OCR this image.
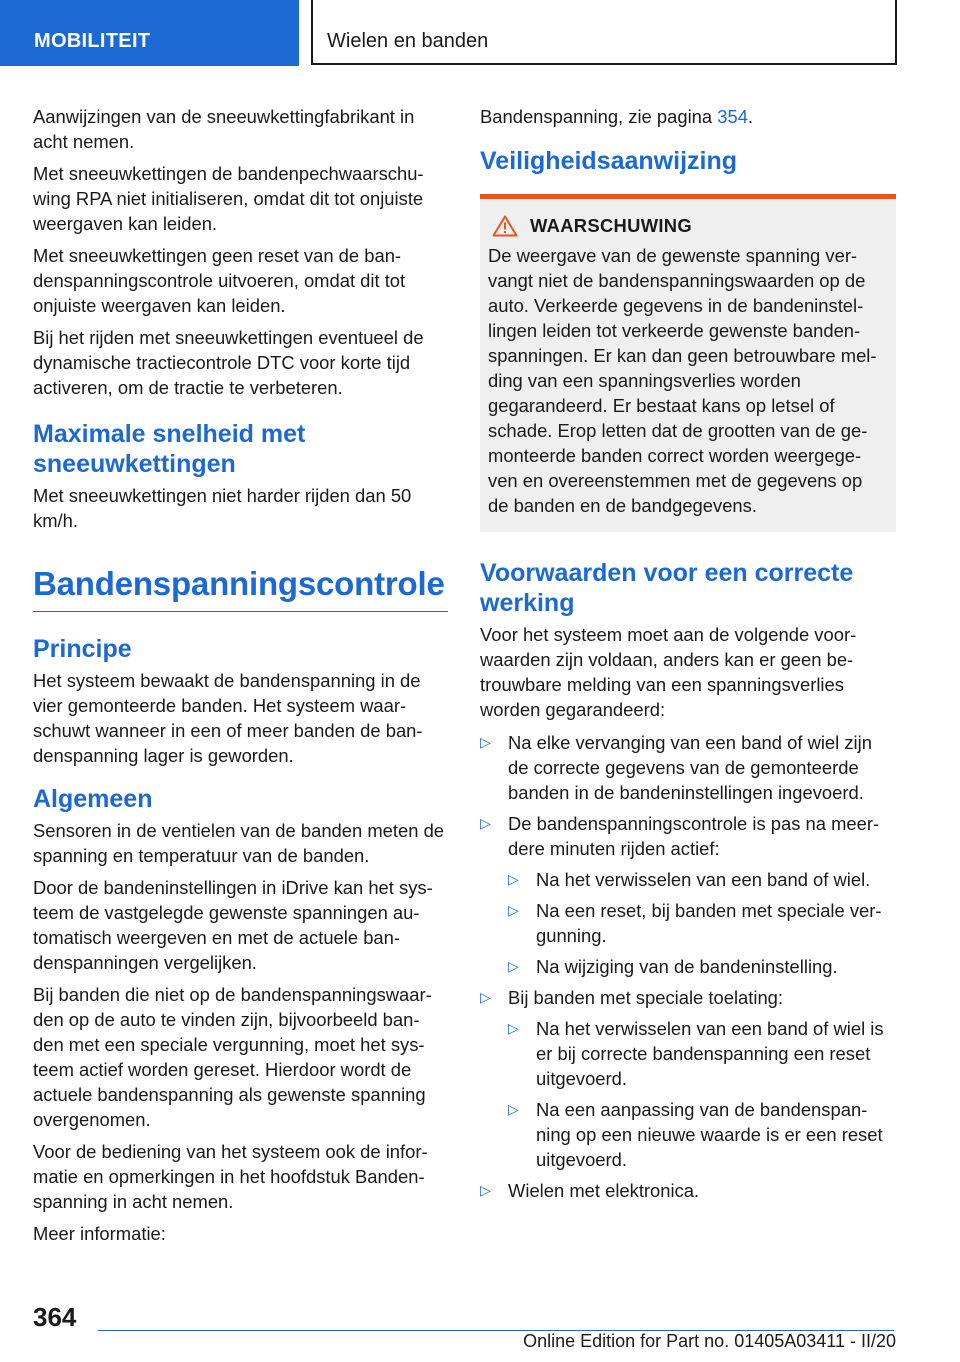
MOBILITEIT	Wielen en banden

Aanwijzingen van de sneeuwkettingfabrikant in acht nemen.

Met sneeuwkettingen de bandenpechwaarschu- wing RPA niet initialiseren, omdat dit tot onjuiste weergaven kan leiden.

Met sneeuwkettingen geen reset van de ban- denspanningscontrole uitvoeren, omdat dit tot onjuiste weergaven kan leiden.

Bij het rijden met sneeuwkettingen eventueel de dynamische tractiecontrole DTC voor korte tijd activeren, om de tractie te verbeteren.

Maximale snelheid met sneeuwkettingen

Met sneeuwkettingen niet harder rijden dan 50 km/h.

Bandenspanningscontrole
Principe

Het systeem bewaakt de bandenspanning in de vier gemonteerde banden. Het systeem waar- schuwt wanneer in een of meer banden de ban- denspanning lager is geworden.

Algemeen

Sensoren in de ventielen van de banden meten de spanning en temperatuur van de banden.

Door de bandeninstellingen in iDrive kan het sys- teem de vastgelegde gewenste spanningen au- tomatisch weergeven en met de actuele ban- denspanningen vergelijken.

Bij banden die niet op de bandenspanningswaar- den op de auto te vinden zijn, bijvoorbeeld ban- den met een speciale vergunning, moet het sys- teem actief worden gereset. Hierdoor wordt de actuele bandenspanning als gewenste spanning overgenomen.

Voor de bediening van het systeem ook de infor- matie en opmerkingen in het hoofdstuk Banden- spanning in acht nemen.

Meer informatie:

Bandenspanning, zie pagina 354.

Veiligheidsaanwijzing
WAARSCHUWING

De weergave van de gewenste spanning ver- vangt niet de bandenspanningswaarden op de auto. Verkeerde gegevens in de bandeninstel- lingen leiden tot verkeerde gewenste banden- spanningen. Er kan dan geen betrouwbare mel- ding van een spanningsverlies worden gegarandeerd. Er bestaat kans op letsel of schade. Erop letten dat de grootten van de ge- monteerde banden correct worden weergege- ven en overeenstemmen met de gegevens op de banden en de bandgegevens.

Voorwaarden voor een correcte werking

Voor het systeem moet aan de volgende voor- waarden zijn voldaan, anders kan er geen be- trouwbare melding van een spanningsverlies worden gegarandeerd:

▷ Na elke vervanging van een band of wiel zijn de correcte gegevens van de gemonteerde banden in de bandeninstellingen ingevoerd.
▷ De bandenspanningscontrole is pas na meer- dere minuten rijden actief:
▷ Na het verwisselen van een band of wiel.
▷ Na een reset, bij banden met speciale ver- gunning.
▷ Na wijziging van de bandeninstelling.
▷ Bij banden met speciale toelating:
▷ Na het verwisselen van een band of wiel is er bij correcte bandenspanning een reset uitgevoerd.
▷ Na een aanpassing van de bandenspan- ning op een nieuwe waarde is er een reset uitgevoerd.
▷ Wielen met elektronica.
364
Online Edition for Part no. 01405A03411 - II/20
